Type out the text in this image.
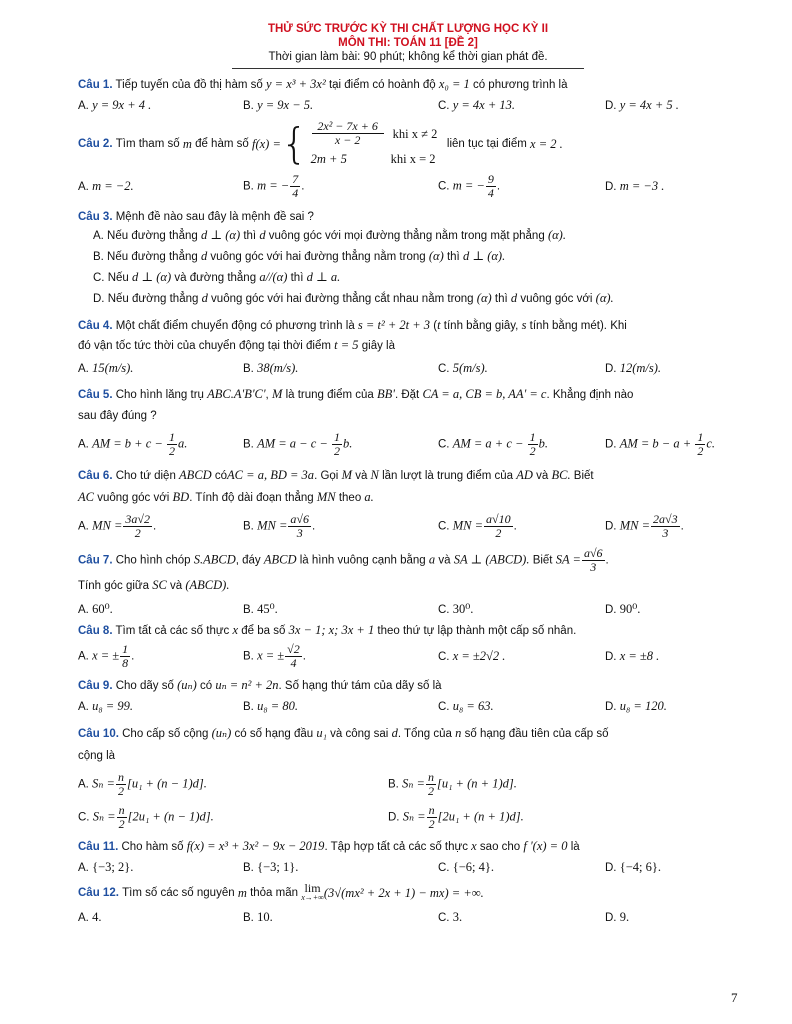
THỬ SỨC TRƯỚC KỲ THI CHẤT LƯỢNG HỌC KỲ II
MÔN THI: TOÁN 11 [ĐỀ 2]
Thời gian làm bài: 90 phút; không kể thời gian phát đề.
Câu 1. Tiếp tuyến của đồ thị hàm số y = x³ + 3x² tại điểm có hoành độ x₀ = 1 có phương trình là
A. y = 9x + 4 .	B. y = 9x − 5.	C. y = 4x + 13.	D. y = 4x + 5 .
Câu 2.
Tìm tham số
m
để hàm số
f(x) = { $\frac{\text{2x² − 7x + 6}}{x - 2}$ khi x ≠ 2
2m + 5	khi x = 2

liên tục tại điểm
x = 2 .
A. m = −2.	B. m = − $\frac{7}{4}$ .	C. m = − $\frac{9}{4}$ .	D. m = −3 .
Câu 3. Mệnh đề nào sau đây là mệnh đề sai ?
A. Nếu đường thẳng d ⊥ (α) thì d vuông góc với mọi đường thẳng nằm trong mặt phẳng (α).
B. Nếu đường thẳng d vuông góc với hai đường thẳng nằm trong (α) thì d ⊥ (α).
C. Nếu d ⊥ (α) và đường thẳng a//(α) thì d ⊥ a.
D. Nếu đường thẳng d vuông góc với hai đường thẳng cắt nhau nằm trong (α) thì d vuông góc với (α).
Câu 4. Một chất điểm chuyển động có phương trình là s = t² + 2t + 3 (t tính bằng giây, s tính bằng mét). Khi
đó vận tốc tức thời của chuyển động tại thời điểm t = 5 giây là
A. 15(m/s).	B. 38(m/s).	C. 5(m/s).	D. 12(m/s).
Câu 5. Cho hình lăng trụ ABC.A'B'C', M là trung điểm của BB'. Đặt CA = a, CB = b, AA' = c. Khẳng định nào
sau đây đúng ?
A. AM = $b + c - \frac{1}{2} a$.	B. AM = $a - c - \frac{1}{2} b$.	C. AM = $a + c - \frac{1}{2} b$.	D. AM = $b - a + \frac{1}{2} c$.
Câu 6. Cho tứ diện ABCD cóAC = a, BD = 3a. Gọi M và N lần lượt là trung điểm của AD và BC. Biết
AC vuông góc với BD. Tính độ dài đoạn thẳng MN theo a.
A. MN = $\frac{3a√2}{2}$ .	B. MN = $\frac{a√6}{3}$ .	C. MN = $\frac{a√10}{2}$ .	D. MN = $\frac{2a√3}{3}$ .
Câu 7. Cho hình chóp S.ABCD, đáy ABCD là hình vuông cạnh bằng a và SA ⊥ (ABCD). Biết SA = $\frac{a√6}{3}$ .
Tính góc giữa SC và (ABCD).
A. 60⁰.	B. 45⁰.	C. 30⁰.	D. 90⁰.
Câu 8. Tìm tất cả các số thực x để ba số 3x − 1; x; 3x + 1 theo thứ tự lập thành một cấp số nhân.
A. x = ± $\frac{1}{8}$ .	B. x = ± $\frac{√2}{4}$ .	C. x = ±2√2 .	D. x = ±8 .
Câu 9. Cho dãy số (uₙ) có uₙ = n² + 2n. Số hạng thứ tám của dãy số là
A. u₈ = 99.	B. u₈ = 80.	C. u₈ = 63.	D. u₈ = 120.
Câu 10. Cho cấp số cộng (uₙ) có số hạng đầu u₁ và công sai d. Tổng của n số hạng đầu tiên của cấp số
cộng là
A. $S_n = \frac{n}{2} [u_1 + (n - 1)d]$.	B. $S_n = \frac{n}{2} [u_1 + (n + 1)d]$.
C. $S_n = \frac{n}{2} [2u_1 + (n - 1)d]$.	D. $S_n = \frac{n}{2} [2u_1 + (n + 1)d]$.
Câu 11. Cho hàm số f(x) = x³ + 3x² − 9x − 2019. Tập hợp tất cả các số thực x sao cho f '(x) = 0 là
A. {−3; 2}.	B. {−3; 1}.	C. {−6; 4}.	D. {−4; 6}.
Câu 12.
Tìm số các số nguyên
m
thỏa mãn
lim
x→+∞ (3√(mx² + 2x + 1) − mx) = +∞.
A. 4.	B. 10.	C. 3.	D. 9.
7
